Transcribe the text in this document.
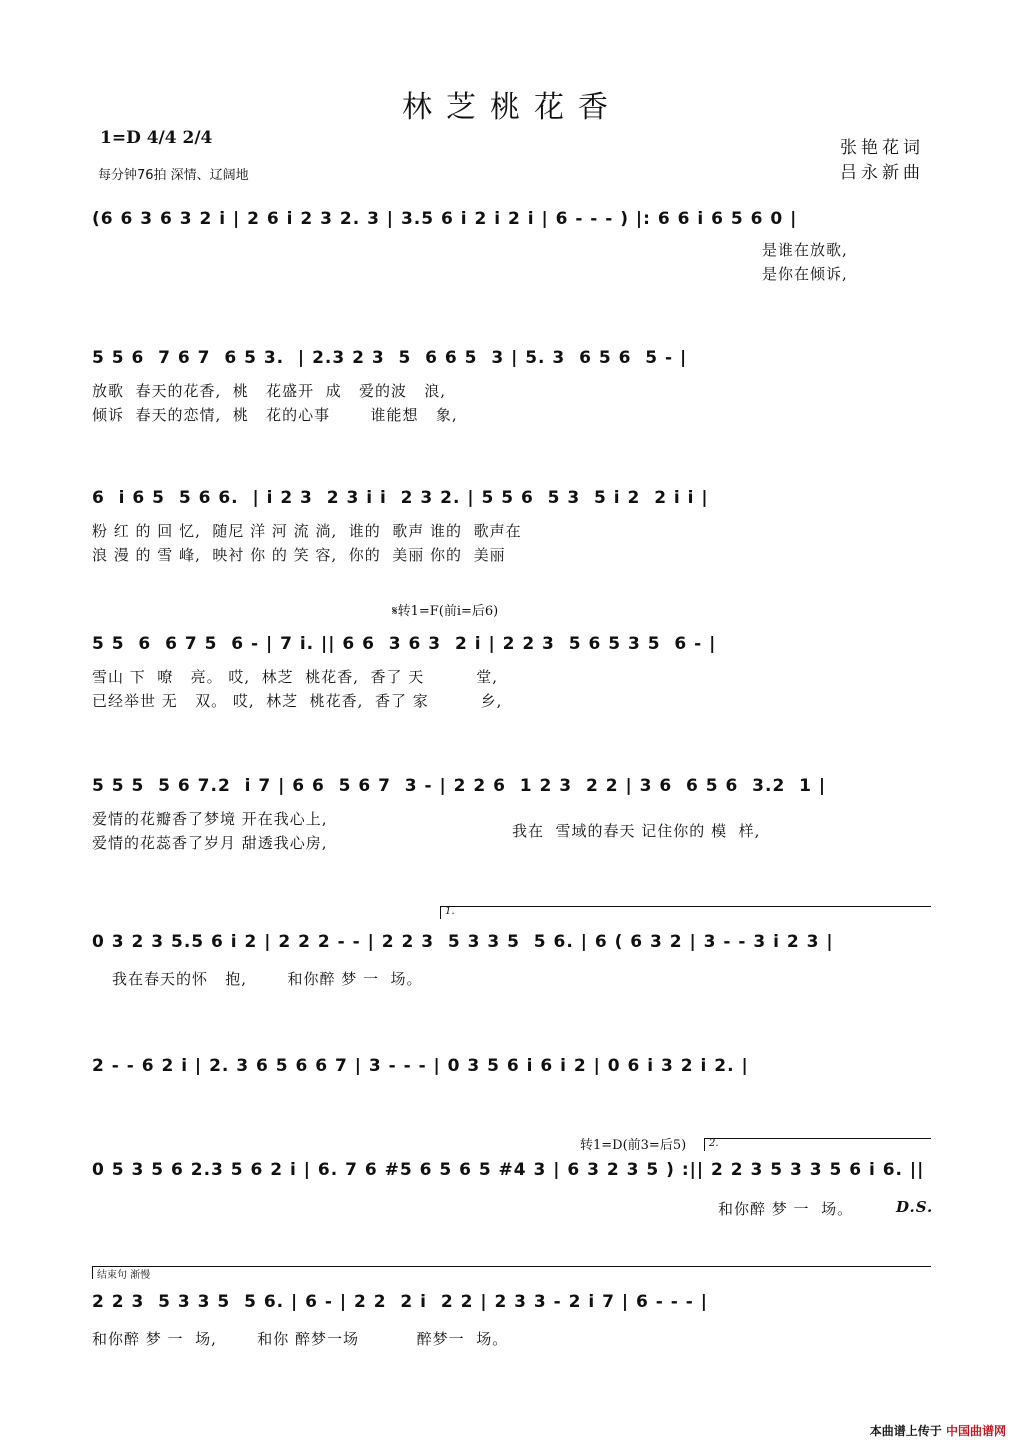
林芝桃花香
1=D 4/4 2/4
每分钟76拍 深情、辽阔地
张艳花词
吕永新曲
(6 6 3 6 3 2 i | 2 6 i 2 3 2. 3 | 3.5 6 i 2 i 2 i | 6 - - - ) |: 6 6 i 6 5 6 0 |
是谁在放歌,
是你在倾诉,
5 5 6  7 6 7  6 5 3.  | 2.3 2 3  5  6 6 5  3 | 5. 3  6 5 6  5 - |
放歌  春天的花香,  桃   花盛开  成   爱的波   浪,
倾诉  春天的恋情,  桃   花的心事       谁能想   象,
6  i 6 5  5 6 6.  | i 2 3  2 3 i i  2 3 2. | 5 5 6  5 3  5 i 2  2 i i |
粉 红 的 回 忆,  随尼 洋 河 流 淌,  谁的  歌声 谁的  歌声在
浪 漫 的 雪 峰,  映衬 你 的 笑 容,  你的  美丽 你的  美丽
𝄋转1=F(前i=后6)
5 5  6  6 7 5  6 - | 7 i. || 6 6  3 6 3  2 i | 2 2 3  5 6 5 3 5  6 - |
雪山 下  嘹   亮。 哎,  林芝  桃花香,  香了 天         堂,
已经举世 无   双。 哎,  林芝  桃花香,  香了 家         乡,
5 5 5  5 6 7.2  i 7 | 6 6  5 6 7  3 - | 2 2 6  1 2 3  2 2 | 3 6  6 5 6  3.2  1 |
爱情的花瓣香了梦境 开在我心上,
爱情的花蕊香了岁月 甜透我心房,
我在  雪域的春天 记住你的 模  样,
1.
0 3 2 3 5.5 6 i 2 | 2 2 2 - - | 2 2 3  5 3 3 5  5 6. | 6 ( 6 3 2 | 3 - - 3 i 2 3 |
我在春天的怀   抱,       和你醉 梦 一  场。
2 - - 6 2 i | 2. 3 6 5 6 6 7 | 3 - - - | 0 3 5 6 i 6 i 2 | 0 6 i 3 2 i 2. |
转1=D(前3=后5) 2.
0 5 3 5 6 2.3 5 6 2 i | 6. 7 6 #5 6 5 6 5 #4 3 | 6 3 2 3 5 ) :|| 2 2 3 5 3 3 5 6 i 6. ||
和你醉 梦 一  场。	D.S.
结束句 渐慢
2 2 3  5 3 3 5  5 6. | 6 - | 2 2  2 i  2 2 | 2 3 3 - 2 i 7 | 6 - - - |
和你醉 梦 一  场,       和你 醉梦一场          醉梦一  场。
本曲谱上传于 中国曲谱网
